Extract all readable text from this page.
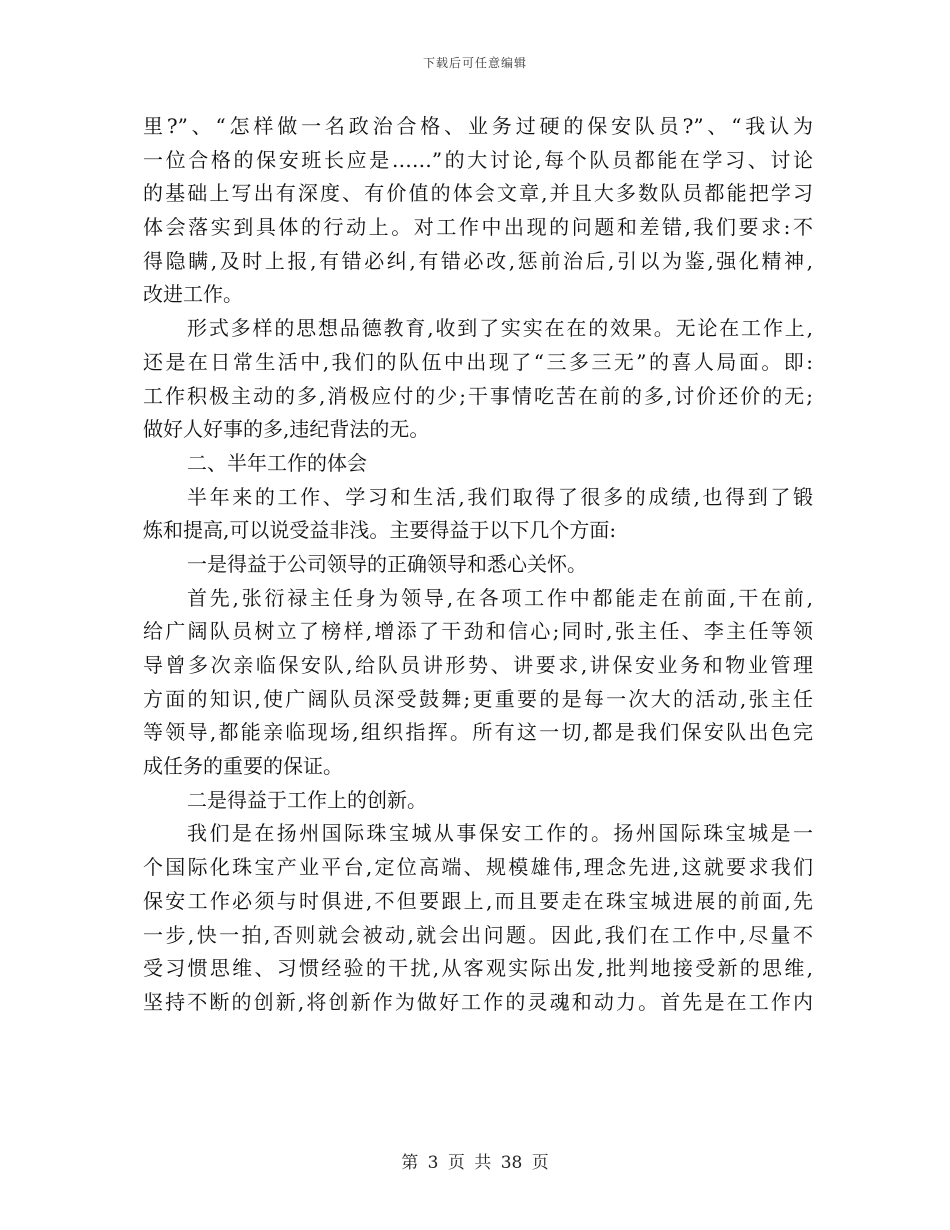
下载后可任意编辑
里?”、“怎样做一名政治合格、业务过硬的保安队员?”、“我认为
一位合格的保安班长应是……”的大讨论,每个队员都能在学习、讨论
的基础上写出有深度、有价值的体会文章,并且大多数队员都能把学习
体会落实到具体的行动上。对工作中出现的问题和差错,我们要求:不
得隐瞒,及时上报,有错必纠,有错必改,惩前治后,引以为鉴,强化精神,
改进工作。
形式多样的思想品德教育,收到了实实在在的效果。无论在工作上,
还是在日常生活中,我们的队伍中出现了“三多三无”的喜人局面。即:
工作积极主动的多,消极应付的少;干事情吃苦在前的多,讨价还价的无;
做好人好事的多,违纪背法的无。
二、半年工作的体会
半年来的工作、学习和生活,我们取得了很多的成绩,也得到了锻
炼和提高,可以说受益非浅。主要得益于以下几个方面:
一是得益于公司领导的正确领导和悉心关怀。
首先,张衍禄主任身为领导,在各项工作中都能走在前面,干在前,
给广阔队员树立了榜样,增添了干劲和信心;同时,张主任、李主任等领
导曾多次亲临保安队,给队员讲形势、讲要求,讲保安业务和物业管理
方面的知识,使广阔队员深受鼓舞;更重要的是每一次大的活动,张主任
等领导,都能亲临现场,组织指挥。所有这一切,都是我们保安队出色完
成任务的重要的保证。
二是得益于工作上的创新。
我们是在扬州国际珠宝城从事保安工作的。扬州国际珠宝城是一
个国际化珠宝产业平台,定位高端、规模雄伟,理念先进,这就要求我们
保安工作必须与时俱进,不但要跟上,而且要走在珠宝城进展的前面,先
一步,快一拍,否则就会被动,就会出问题。因此,我们在工作中,尽量不
受习惯思维、习惯经验的干扰,从客观实际出发,批判地接受新的思维,
坚持不断的创新,将创新作为做好工作的灵魂和动力。首先是在工作内
第 3 页 共 38 页
